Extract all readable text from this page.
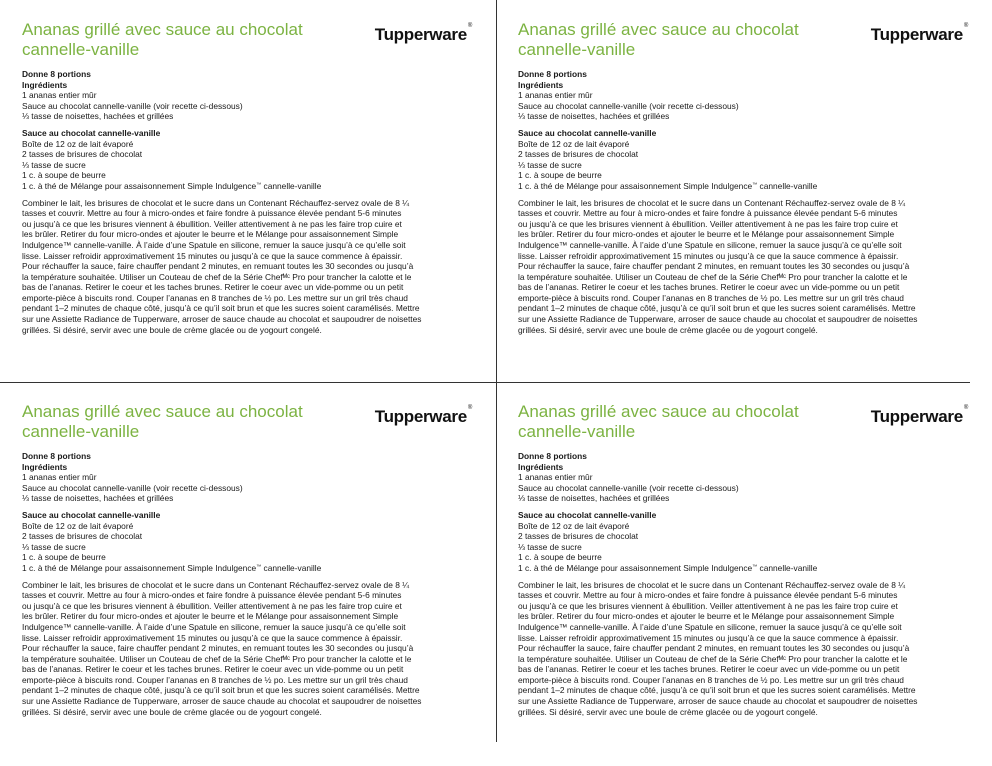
Ananas grillé avec sauce au chocolat cannelle-vanille
Tupperware®
Donne 8 portions
Ingrédients
1 ananas entier mûr
Sauce au chocolat cannelle-vanille (voir recette ci-dessous)
⅓ tasse de noisettes, hachées et grillées
Sauce au chocolat cannelle-vanille
Boîte de 12 oz de lait évaporé
2 tasses de brisures de chocolat
⅓ tasse de sucre
1 c. à soupe de beurre
1 c. à thé de Mélange pour assaisonnement Simple Indulgence™ cannelle-vanille
Combiner le lait, les brisures de chocolat et le sucre dans un Contenant Réchauffez-servez ovale de 8 ¼
tasses et couvrir. Mettre au four à micro-ondes et faire fondre à puissance élevée pendant 5-6 minutes
ou jusqu’à ce que les brisures viennent à ébullition. Veiller attentivement à ne pas les faire trop cuire et
les brûler. Retirer du four micro-ondes et ajouter le beurre et le Mélange pour assaisonnement Simple
Indulgence™ cannelle-vanille. À l’aide d’une Spatule en silicone, remuer la sauce jusqu’à ce qu’elle soit
lisse. Laisser refroidir approximativement 15 minutes ou jusqu’à ce que la sauce commence à épaissir.
Pour réchauffer la sauce, faire chauffer pendant 2 minutes, en remuant toutes les 30 secondes ou jusqu’à
la température souhaitée. Utiliser un Couteau de chef de la Série Chefᴹᶜ Pro pour trancher la calotte et le
bas de l’ananas. Retirer le coeur et les taches brunes. Retirer le coeur avec un vide-pomme ou un petit
emporte-pièce à biscuits rond. Couper l’ananas en 8 tranches de ½ po. Les mettre sur un gril très chaud
pendant 1–2 minutes de chaque côté, jusqu’à ce qu’il soit brun et que les sucres soient caramélisés. Mettre
sur une Assiette Radiance de Tupperware, arroser de sauce chaude au chocolat et saupoudrer de noisettes
grillées. Si désiré, servir avec une boule de crème glacée ou de yogourt congelé.
Ananas grillé avec sauce au chocolat cannelle-vanille
Tupperware®
Donne 8 portions
Ingrédients
1 ananas entier mûr
Sauce au chocolat cannelle-vanille (voir recette ci-dessous)
⅓ tasse de noisettes, hachées et grillées
Sauce au chocolat cannelle-vanille
Boîte de 12 oz de lait évaporé
2 tasses de brisures de chocolat
⅓ tasse de sucre
1 c. à soupe de beurre
1 c. à thé de Mélange pour assaisonnement Simple Indulgence™ cannelle-vanille
Combiner le lait, les brisures de chocolat et le sucre dans un Contenant Réchauffez-servez ovale de 8 ¼
tasses et couvrir. Mettre au four à micro-ondes et faire fondre à puissance élevée pendant 5-6 minutes
ou jusqu’à ce que les brisures viennent à ébullition. Veiller attentivement à ne pas les faire trop cuire et
les brûler. Retirer du four micro-ondes et ajouter le beurre et le Mélange pour assaisonnement Simple
Indulgence™ cannelle-vanille. À l’aide d’une Spatule en silicone, remuer la sauce jusqu’à ce qu’elle soit
lisse. Laisser refroidir approximativement 15 minutes ou jusqu’à ce que la sauce commence à épaissir.
Pour réchauffer la sauce, faire chauffer pendant 2 minutes, en remuant toutes les 30 secondes ou jusqu’à
la température souhaitée. Utiliser un Couteau de chef de la Série Chefᴹᶜ Pro pour trancher la calotte et le
bas de l’ananas. Retirer le coeur et les taches brunes. Retirer le coeur avec un vide-pomme ou un petit
emporte-pièce à biscuits rond. Couper l’ananas en 8 tranches de ½ po. Les mettre sur un gril très chaud
pendant 1–2 minutes de chaque côté, jusqu’à ce qu’il soit brun et que les sucres soient caramélisés. Mettre
sur une Assiette Radiance de Tupperware, arroser de sauce chaude au chocolat et saupoudrer de noisettes
grillées. Si désiré, servir avec une boule de crème glacée ou de yogourt congelé.
Ananas grillé avec sauce au chocolat cannelle-vanille
Tupperware®
Donne 8 portions
Ingrédients
1 ananas entier mûr
Sauce au chocolat cannelle-vanille (voir recette ci-dessous)
⅓ tasse de noisettes, hachées et grillées
Sauce au chocolat cannelle-vanille
Boîte de 12 oz de lait évaporé
2 tasses de brisures de chocolat
⅓ tasse de sucre
1 c. à soupe de beurre
1 c. à thé de Mélange pour assaisonnement Simple Indulgence™ cannelle-vanille
Combiner le lait, les brisures de chocolat et le sucre dans un Contenant Réchauffez-servez ovale de 8 ¼
tasses et couvrir. Mettre au four à micro-ondes et faire fondre à puissance élevée pendant 5-6 minutes
ou jusqu’à ce que les brisures viennent à ébullition. Veiller attentivement à ne pas les faire trop cuire et
les brûler. Retirer du four micro-ondes et ajouter le beurre et le Mélange pour assaisonnement Simple
Indulgence™ cannelle-vanille. À l’aide d’une Spatule en silicone, remuer la sauce jusqu’à ce qu’elle soit
lisse. Laisser refroidir approximativement 15 minutes ou jusqu’à ce que la sauce commence à épaissir.
Pour réchauffer la sauce, faire chauffer pendant 2 minutes, en remuant toutes les 30 secondes ou jusqu’à
la température souhaitée. Utiliser un Couteau de chef de la Série Chefᴹᶜ Pro pour trancher la calotte et le
bas de l’ananas. Retirer le coeur et les taches brunes. Retirer le coeur avec un vide-pomme ou un petit
emporte-pièce à biscuits rond. Couper l’ananas en 8 tranches de ½ po. Les mettre sur un gril très chaud
pendant 1–2 minutes de chaque côté, jusqu’à ce qu’il soit brun et que les sucres soient caramélisés. Mettre
sur une Assiette Radiance de Tupperware, arroser de sauce chaude au chocolat et saupoudrer de noisettes
grillées. Si désiré, servir avec une boule de crème glacée ou de yogourt congelé.
Ananas grillé avec sauce au chocolat cannelle-vanille
Tupperware®
Donne 8 portions
Ingrédients
1 ananas entier mûr
Sauce au chocolat cannelle-vanille (voir recette ci-dessous)
⅓ tasse de noisettes, hachées et grillées
Sauce au chocolat cannelle-vanille
Boîte de 12 oz de lait évaporé
2 tasses de brisures de chocolat
⅓ tasse de sucre
1 c. à soupe de beurre
1 c. à thé de Mélange pour assaisonnement Simple Indulgence™ cannelle-vanille
Combiner le lait, les brisures de chocolat et le sucre dans un Contenant Réchauffez-servez ovale de 8 ¼
tasses et couvrir. Mettre au four à micro-ondes et faire fondre à puissance élevée pendant 5-6 minutes
ou jusqu’à ce que les brisures viennent à ébullition. Veiller attentivement à ne pas les faire trop cuire et
les brûler. Retirer du four micro-ondes et ajouter le beurre et le Mélange pour assaisonnement Simple
Indulgence™ cannelle-vanille. À l’aide d’une Spatule en silicone, remuer la sauce jusqu’à ce qu’elle soit
lisse. Laisser refroidir approximativement 15 minutes ou jusqu’à ce que la sauce commence à épaissir.
Pour réchauffer la sauce, faire chauffer pendant 2 minutes, en remuant toutes les 30 secondes ou jusqu’à
la température souhaitée. Utiliser un Couteau de chef de la Série Chefᴹᶜ Pro pour trancher la calotte et le
bas de l’ananas. Retirer le coeur et les taches brunes. Retirer le coeur avec un vide-pomme ou un petit
emporte-pièce à biscuits rond. Couper l’ananas en 8 tranches de ½ po. Les mettre sur un gril très chaud
pendant 1–2 minutes de chaque côté, jusqu’à ce qu’il soit brun et que les sucres soient caramélisés. Mettre
sur une Assiette Radiance de Tupperware, arroser de sauce chaude au chocolat et saupoudrer de noisettes
grillées. Si désiré, servir avec une boule de crème glacée ou de yogourt congelé.
